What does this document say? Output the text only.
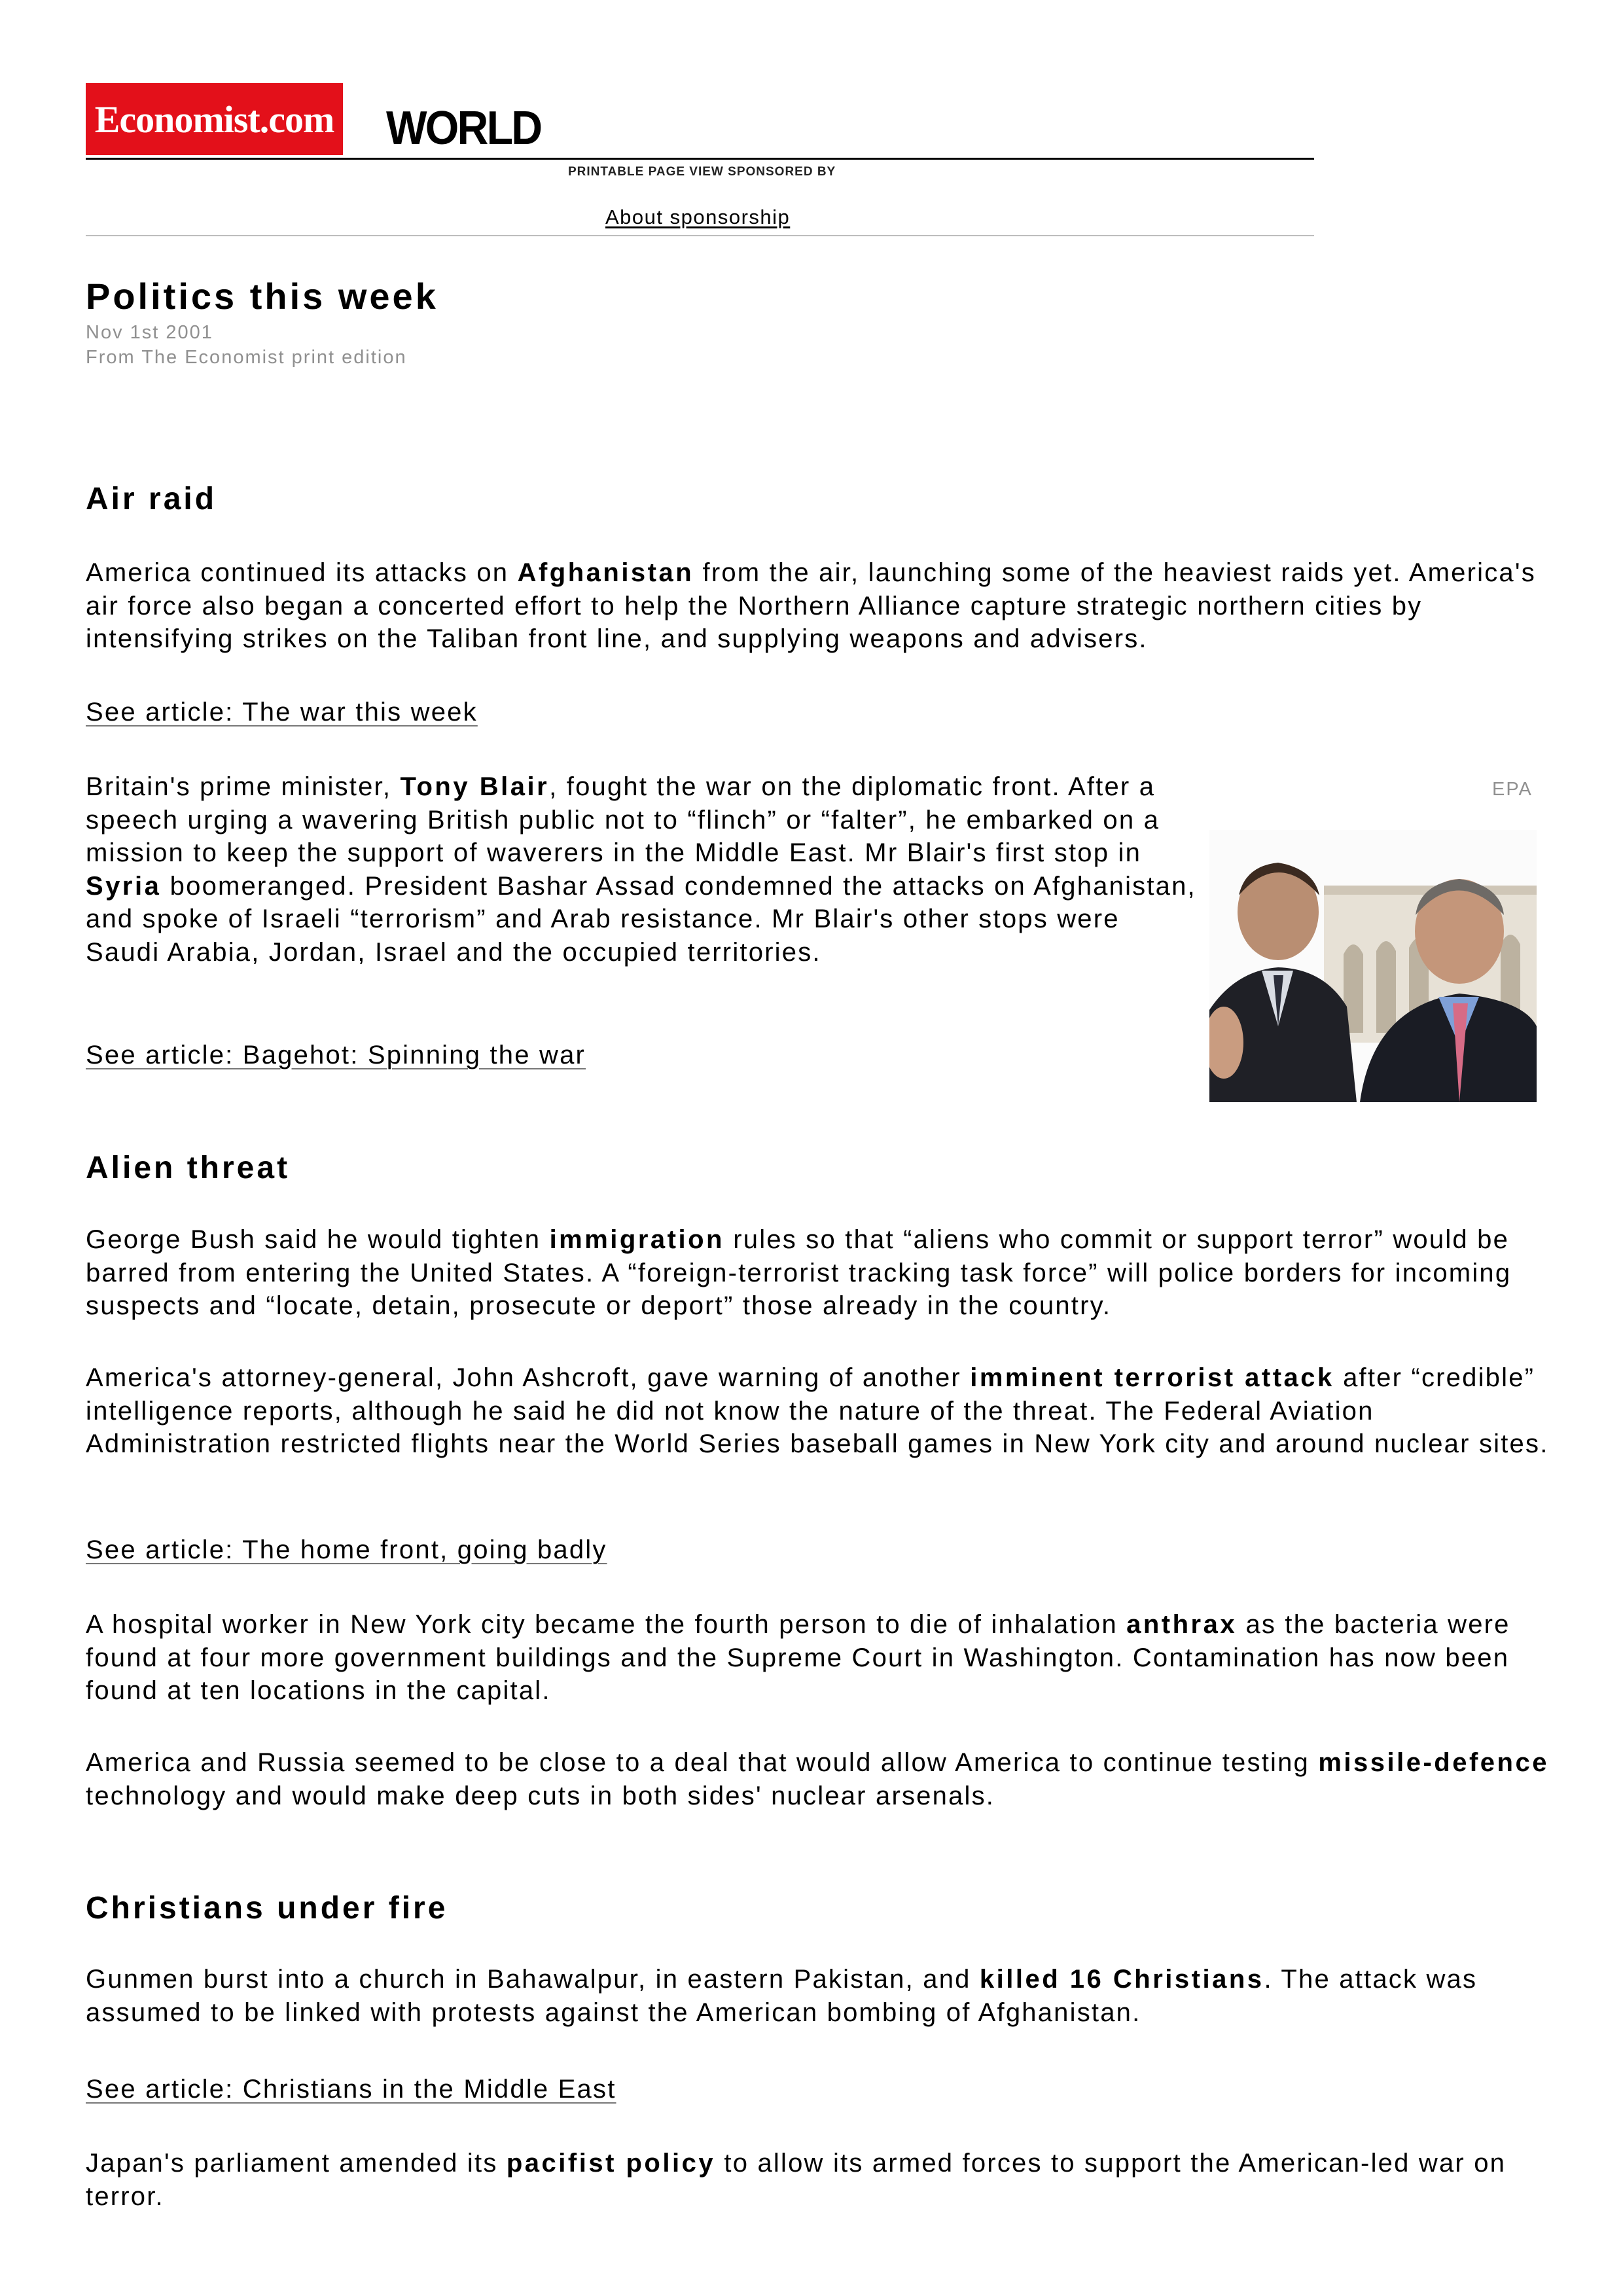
Economist.com WORLD
PRINTABLE PAGE VIEW SPONSORED BY
About sponsorship
Politics this week
Nov 1st 2001
From The Economist print edition
Air raid
America continued its attacks on Afghanistan from the air, launching some of the heaviest raids yet. America's air force also began a concerted effort to help the Northern Alliance capture strategic northern cities by intensifying strikes on the Taliban front line, and supplying weapons and advisers.
See article: The war this week
Britain's prime minister, Tony Blair, fought the war on the diplomatic front. After a speech urging a wavering British public not to “flinch” or “falter”, he embarked on a mission to keep the support of waverers in the Middle East. Mr Blair's first stop in Syria boomeranged. President Bashar Assad condemned the attacks on Afghanistan, and spoke of Israeli “terrorism” and Arab resistance. Mr Blair's other stops were Saudi Arabia, Jordan, Israel and the occupied territories.
See article: Bagehot: Spinning the war
EPA
Alien threat
George Bush said he would tighten immigration rules so that “aliens who commit or support terror” would be barred from entering the United States. A “foreign-terrorist tracking task force” will police borders for incoming suspects and “locate, detain, prosecute or deport” those already in the country.
America's attorney-general, John Ashcroft, gave warning of another imminent terrorist attack after “credible” intelligence reports, although he said he did not know the nature of the threat. The Federal Aviation Administration restricted flights near the World Series baseball games in New York city and around nuclear sites.
See article: The home front, going badly
A hospital worker in New York city became the fourth person to die of inhalation anthrax as the bacteria were found at four more government buildings and the Supreme Court in Washington. Contamination has now been found at ten locations in the capital.
America and Russia seemed to be close to a deal that would allow America to continue testing missile-defence technology and would make deep cuts in both sides' nuclear arsenals.
Christians under fire
Gunmen burst into a church in Bahawalpur, in eastern Pakistan, and killed 16 Christians. The attack was assumed to be linked with protests against the American bombing of Afghanistan.
See article: Christians in the Middle East
Japan's parliament amended its pacifist policy to allow its armed forces to support the American-led war on terror.
